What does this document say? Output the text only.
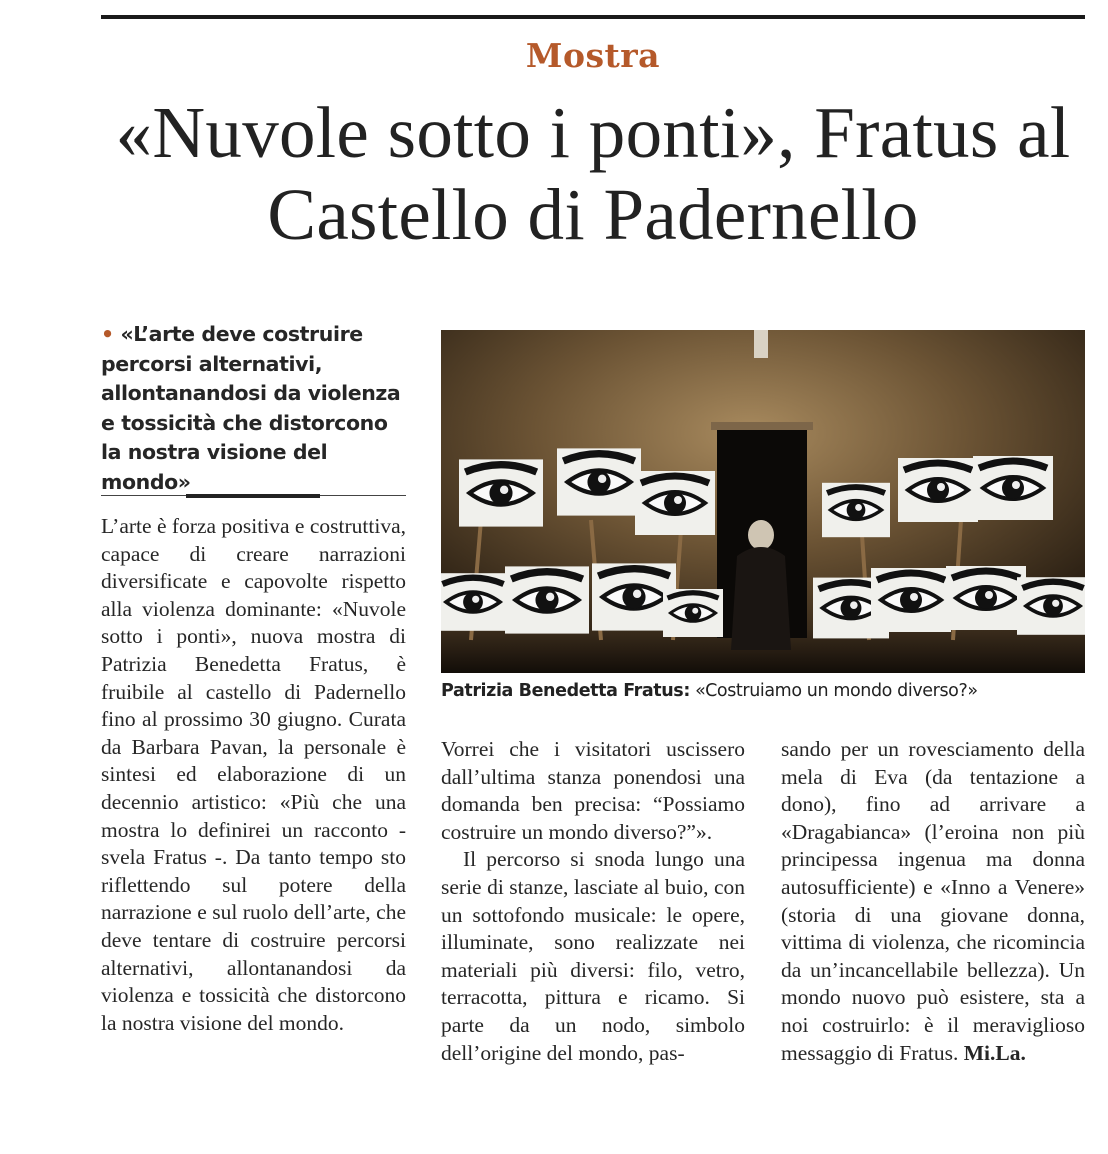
Mostra
«Nuvole sotto i ponti», Fratus al Castello di Padernello
• «L’arte deve costruire percorsi alternativi, allontanandosi da violenza e tossicità che distorcono la nostra visione del mondo»

L’arte è forza positiva e costruttiva, capace di creare narrazioni diversificate e capovolte rispetto alla violenza dominante: «Nuvole sotto i ponti», nuova mostra di Patrizia Benedetta Fratus, è fruibile al castello di Padernello fino al prossimo 30 giugno. Curata da Barbara Pavan, la personale è sintesi ed elaborazione di un decennio artistico: «Più che una mostra lo definirei un racconto - svela Fratus -. Da tanto tempo sto riflettendo sul potere della narrazione e sul ruolo dell’arte, che deve tentare di costruire percorsi alternativi, allontanandosi da violenza e tossicità che distorcono la nostra visione del mondo.

Patrizia Benedetta Fratus: «Costruiamo un mondo diverso?»

Vorrei che i visitatori uscissero dall’ultima stanza ponendosi una domanda ben precisa: “Possiamo costruire un mondo diverso?”».

Il percorso si snoda lungo una serie di stanze, lasciate al buio, con un sottofondo musicale: le opere, illuminate, sono realizzate nei materiali più diversi: filo, vetro, terracotta, pittura e ricamo. Si parte da un nodo, simbolo dell’origine del mondo, pas-

sando per un rovesciamento della mela di Eva (da tentazione a dono), fino ad arrivare a «Dragabianca» (l’eroina non più principessa ingenua ma donna autosufficiente) e «Inno a Venere» (storia di una giovane donna, vittima di violenza, che ricomincia da un’incancellabile bellezza). Un mondo nuovo può esistere, sta a noi costruirlo: è il meraviglioso messaggio di Fratus. Mi.La.
